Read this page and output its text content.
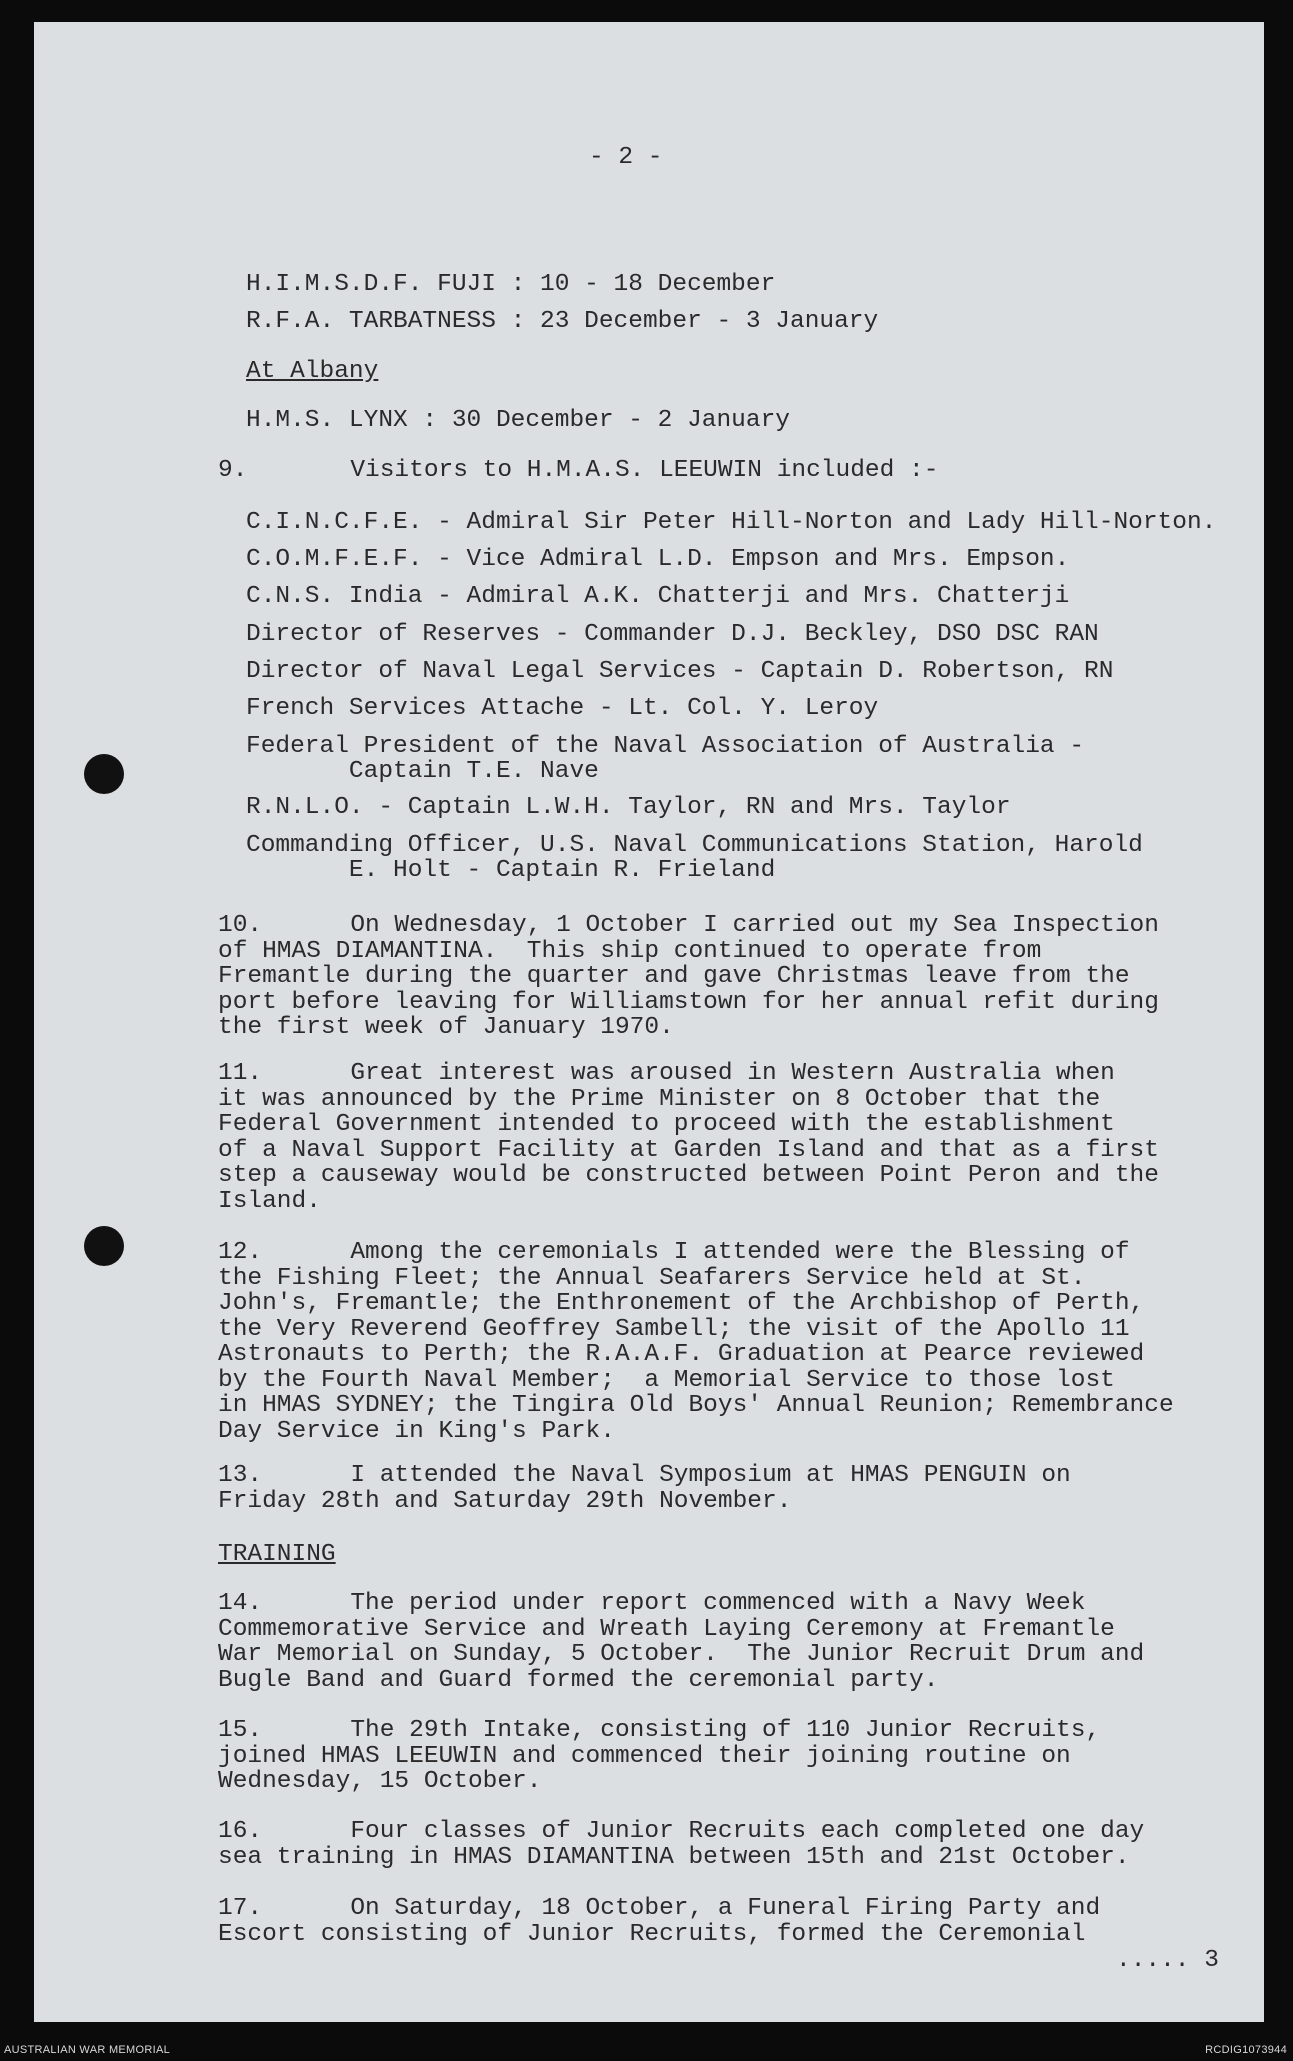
- 2 -
H.I.M.S.D.F. FUJI : 10 - 18 December
R.F.A. TARBATNESS : 23 December - 3 January
At Albany
H.M.S. LYNX : 30 December - 2 January
9.       Visitors to H.M.A.S. LEEUWIN included :-
C.I.N.C.F.E. - Admiral Sir Peter Hill-Norton and Lady Hill-Norton.
C.O.M.F.E.F. - Vice Admiral L.D. Empson and Mrs. Empson.
C.N.S. India - Admiral A.K. Chatterji and Mrs. Chatterji
Director of Reserves - Commander D.J. Beckley, DSO DSC RAN
Director of Naval Legal Services - Captain D. Robertson, RN
French Services Attache - Lt. Col. Y. Leroy
Federal President of the Naval Association of Australia -
Captain T.E. Nave
R.N.L.O. - Captain L.W.H. Taylor, RN and Mrs. Taylor
Commanding Officer, U.S. Naval Communications Station, Harold
E. Holt - Captain R. Frieland
10.      On Wednesday, 1 October I carried out my Sea Inspection
of HMAS DIAMANTINA.  This ship continued to operate from
Fremantle during the quarter and gave Christmas leave from the
port before leaving for Williamstown for her annual refit during
the first week of January 1970.
11.      Great interest was aroused in Western Australia when
it was announced by the Prime Minister on 8 October that the
Federal Government intended to proceed with the establishment
of a Naval Support Facility at Garden Island and that as a first
step a causeway would be constructed between Point Peron and the
Island.
12.      Among the ceremonials I attended were the Blessing of
the Fishing Fleet; the Annual Seafarers Service held at St.
John's, Fremantle; the Enthronement of the Archbishop of Perth,
the Very Reverend Geoffrey Sambell; the visit of the Apollo 11
Astronauts to Perth; the R.A.A.F. Graduation at Pearce reviewed
by the Fourth Naval Member;  a Memorial Service to those lost
in HMAS SYDNEY; the Tingira Old Boys' Annual Reunion; Remembrance
Day Service in King's Park.
13.      I attended the Naval Symposium at HMAS PENGUIN on
Friday 28th and Saturday 29th November.
TRAINING
14.      The period under report commenced with a Navy Week
Commemorative Service and Wreath Laying Ceremony at Fremantle
War Memorial on Sunday, 5 October.  The Junior Recruit Drum and
Bugle Band and Guard formed the ceremonial party.
15.      The 29th Intake, consisting of 110 Junior Recruits,
joined HMAS LEEUWIN and commenced their joining routine on
Wednesday, 15 October.
16.      Four classes of Junior Recruits each completed one day
sea training in HMAS DIAMANTINA between 15th and 21st October.
17.      On Saturday, 18 October, a Funeral Firing Party and
Escort consisting of Junior Recruits, formed the Ceremonial
..... 3
AUSTRALIAN WAR MEMORIAL	RCDIG1073944
